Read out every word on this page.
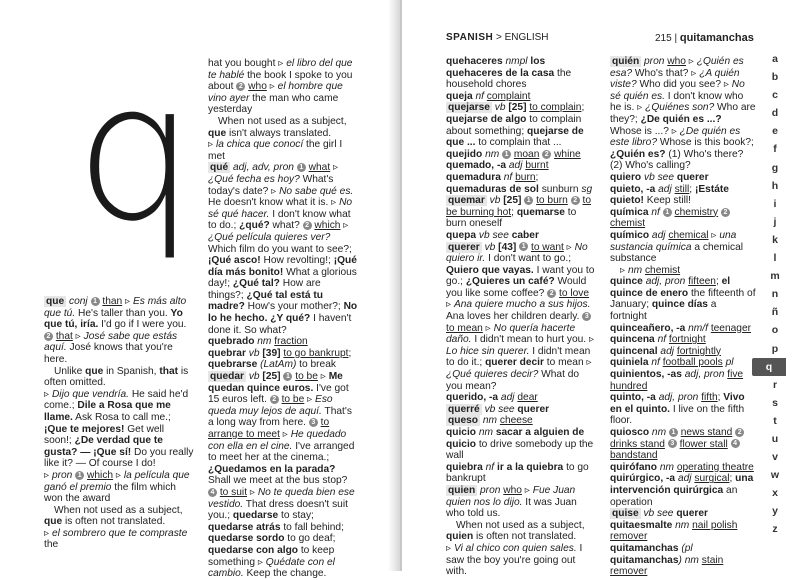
q

que conj 1 than ▹ Es más alto que tú. He's taller than you. Yo que tú, iría. I'd go if I were you. 2 that ▹ José sabe que estás aquí. José knows that you're here.

Unlike que in Spanish, that is often omitted.

▹ Dijo que vendría. He said he'd come.; Dile a Rosa que me llame. Ask Rosa to call me.; ¡Que te mejores! Get well soon!; ¿De verdad que te gusta? — ¡Que sí! Do you really like it? — Of course I do!

▹ pron 1 which ▹ la película que ganó el premio the film which won the award

When not used as a subject, que is often not translated.

▹ el sombrero que te compraste the

hat you bought ▹ el libro del que te hablé the book I spoke to you about 2 who ▹ el hombre que vino ayer the man who came yesterday

When not used as a subject, que isn't always translated.

▹ la chica que conocí the girl I met

qué adj, adv, pron 1 what ▹ ¿Qué fecha es hoy? What's today's date? ▹ No sabe qué es. He doesn't know what it is. ▹ No sé qué hacer. I don't know what to do.; ¿qué? what? 2 which ▹ ¿Qué película quieres ver? Which film do you want to see?; ¡Qué asco! How revolting!; ¡Qué día más bonito! What a glorious day!; ¿Qué tal? How are things?; ¿Qué tal está tu madre? How's your mother?; No lo he hecho. ¿Y qué? I haven't done it. So what?

quebrado nm fraction

quebrar vb [39] to go bankrupt; quebrarse (LatAm) to break

quedar vb [25] 1 to be ▹ Me quedan quince euros. I've got 15 euros left. 2 to be ▹ Eso queda muy lejos de aquí. That's a long way from here. 3 to arrange to meet ▹ He quedado con ella en el cine. I've arranged to meet her at the cinema.; ¿Quedamos en la parada? Shall we meet at the bus stop? 4 to suit ▹ No te queda bien ese vestido. That dress doesn't suit you.; quedarse to stay; quedarse atrás to fall behind; quedarse sordo to go deaf; quedarse con algo to keep something ▹ Quédate con el cambio. Keep the change.

SPANISH > ENGLISH	215 | quitamanchas

quehaceres nmpl los quehaceres de la casa the household chores

queja nf complaint

quejarse vb [25] to complain; quejarse de algo to complain about something; quejarse de que ... to complain that ...

quejido nm 1 moan 2 whine

quemado, -a adj burnt

quemadura nf burn; quemaduras de sol sunburn sg

quemar vb [25] 1 to burn 2 to be burning hot; quemarse to burn oneself

quepa vb see caber

querer vb [43] 1 to want ▹ No quiero ir. I don't want to go.; Quiero que vayas. I want you to go.; ¿Quieres un café? Would you like some coffee? 2 to love ▹ Ana quiere mucho a sus hijos. Ana loves her children dearly. 3 to mean ▹ No quería hacerte daño. I didn't mean to hurt you. ▹ Lo hice sin querer. I didn't mean to do it.; querer decir to mean ▹ ¿Qué quieres decir? What do you mean?

querido, -a adj dear

querré vb see querer

queso nm cheese

quicio nm sacar a alguien de quicio to drive somebody up the wall

quiebra nf ir a la quiebra to go bankrupt

quien pron who ▹ Fue Juan quien nos lo dijo. It was Juan who told us.

When not used as a subject, quien is often not translated.

▹ Vi al chico con quien sales. I saw the boy you're going out with.

quién pron who ▹ ¿Quién es esa? Who's that? ▹ ¿A quién viste? Who did you see? ▹ No sé quién es. I don't know who he is. ▹ ¿Quiénes son? Who are they?; ¿De quién es ...? Whose is ...? ▹ ¿De quién es este libro? Whose is this book?; ¿Quién es? (1) Who's there? (2) Who's calling?

quiero vb see querer

quieto, -a adj still; ¡Estáte quieto! Keep still!

química nf 1 chemistry 2 chemist

químico adj chemical ▹ una sustancia química a chemical substance

▹ nm chemist

quince adj, pron fifteen; el quince de enero the fifteenth of January; quince días a fortnight

quinceañero, -a nm/f teenager

quincena nf fortnight

quincenal adj fortnightly

quiniela nf football pools pl

quinientos, -as adj, pron five hundred

quinto, -a adj, pron fifth; Vivo en el quinto. I live on the fifth floor.

quiosco nm 1 news stand 2 drinks stand 3 flower stall 4 bandstand

quirófano nm operating theatre

quirúrgico, -a adj surgical; una intervención quirúrgica an operation

quise vb see querer

quitaesmalte nm nail polish remover

quitamanchas (pl quitamanchas) nm stain remover

a
b
c
d
e
f
g
h
i
j
k
l
m
n
ñ
o
p
q
r
s
t
u
v
w
x
y
z
